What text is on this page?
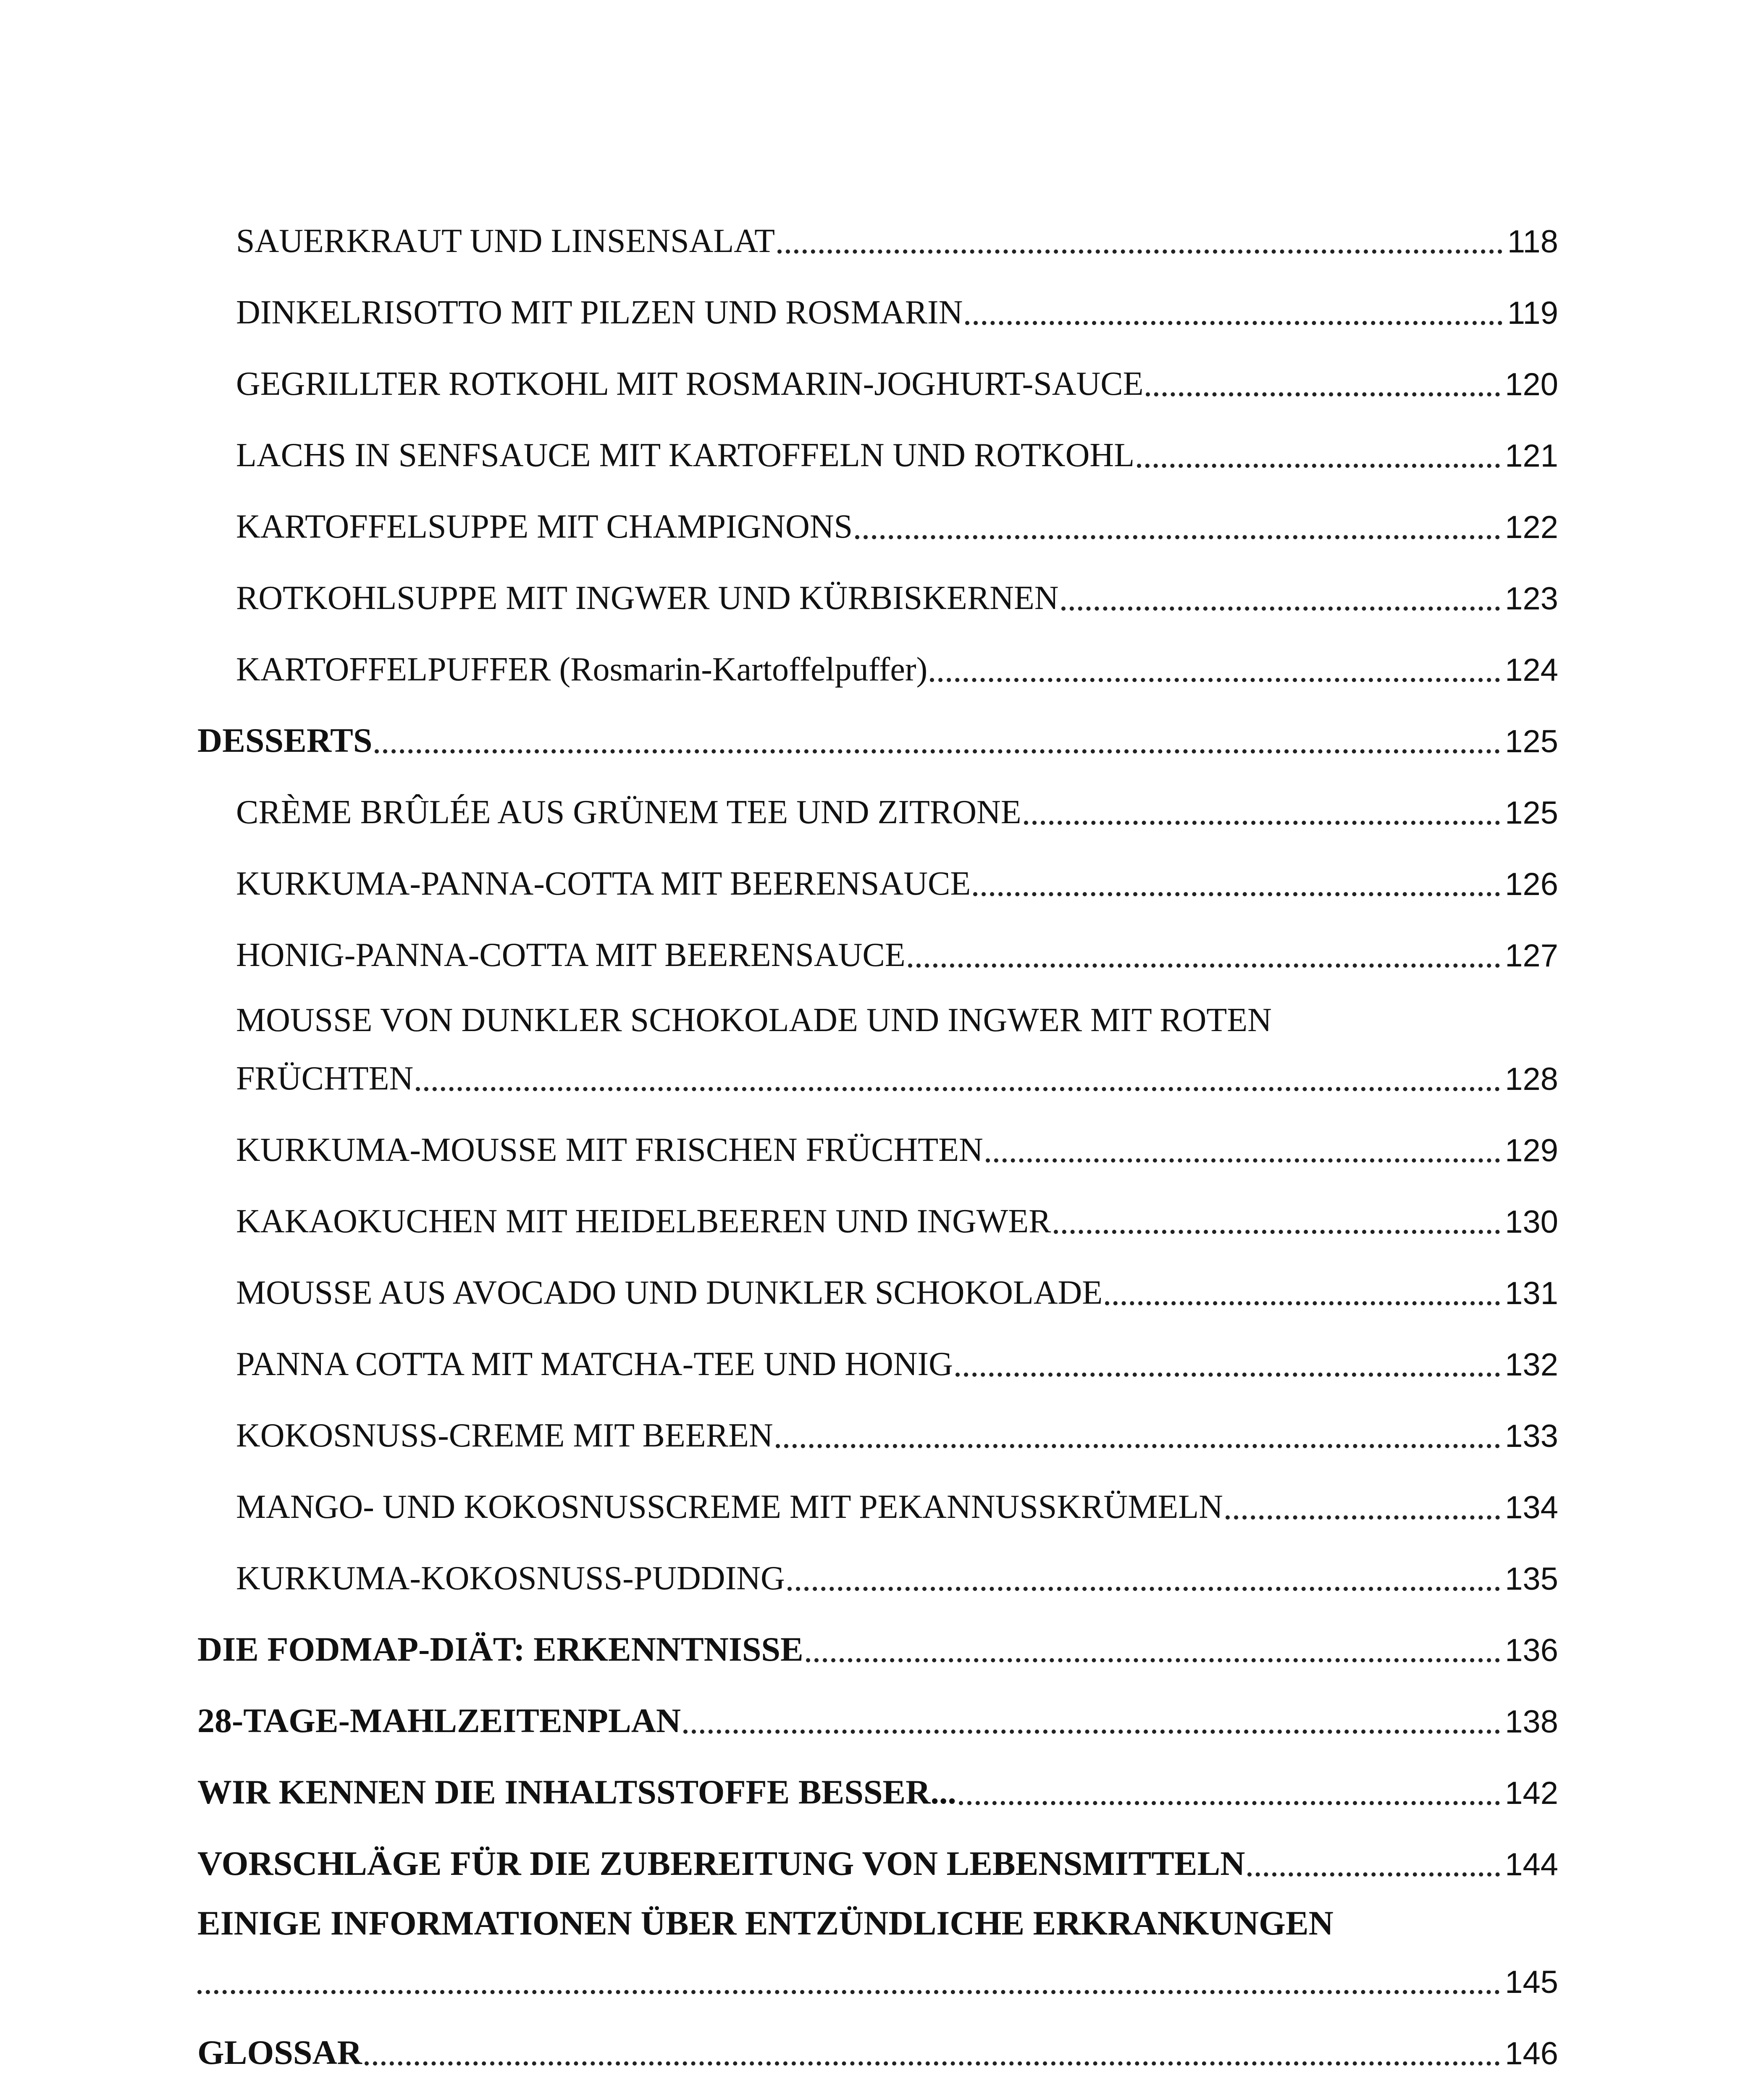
SAUERKRAUT UND LINSENSALAT	118
DINKELRISOTTO MIT PILZEN UND ROSMARIN	119
GEGRILLTER ROTKOHL MIT ROSMARIN-JOGHURT-SAUCE	120
LACHS IN SENFSAUCE MIT KARTOFFELN UND ROTKOHL	121
KARTOFFELSUPPE MIT CHAMPIGNONS	122
ROTKOHLSUPPE MIT INGWER UND KÜRBISKERNEN	123
KARTOFFELPUFFER (Rosmarin-Kartoffelpuffer)	124
DESSERTS	125
CRÈME BRÛLÉE AUS GRÜNEM TEE UND ZITRONE	125
KURKUMA-PANNA-COTTA MIT BEERENSAUCE	126
HONIG-PANNA-COTTA MIT BEERENSAUCE	127
MOUSSE VON DUNKLER SCHOKOLADE UND INGWER MIT ROTEN
FRÜCHTEN	128
KURKUMA-MOUSSE MIT FRISCHEN FRÜCHTEN	129
KAKAOKUCHEN MIT HEIDELBEEREN UND INGWER	130
MOUSSE AUS AVOCADO UND DUNKLER SCHOKOLADE	131
PANNA COTTA MIT MATCHA-TEE UND HONIG	132
KOKOSNUSS-CREME MIT BEEREN	133
MANGO- UND KOKOSNUSSCREME MIT PEKANNUSSKRÜMELN	134
KURKUMA-KOKOSNUSS-PUDDING	135
DIE FODMAP-DIÄT: ERKENNTNISSE	136
28-TAGE-MAHLZEITENPLAN	138
WIR KENNEN DIE INHALTSSTOFFE BESSER...	142
VORSCHLÄGE FÜR DIE ZUBEREITUNG VON LEBENSMITTELN	144
EINIGE INFORMATIONEN ÜBER ENTZÜNDLICHE ERKRANKUNGEN
145
GLOSSAR	146
